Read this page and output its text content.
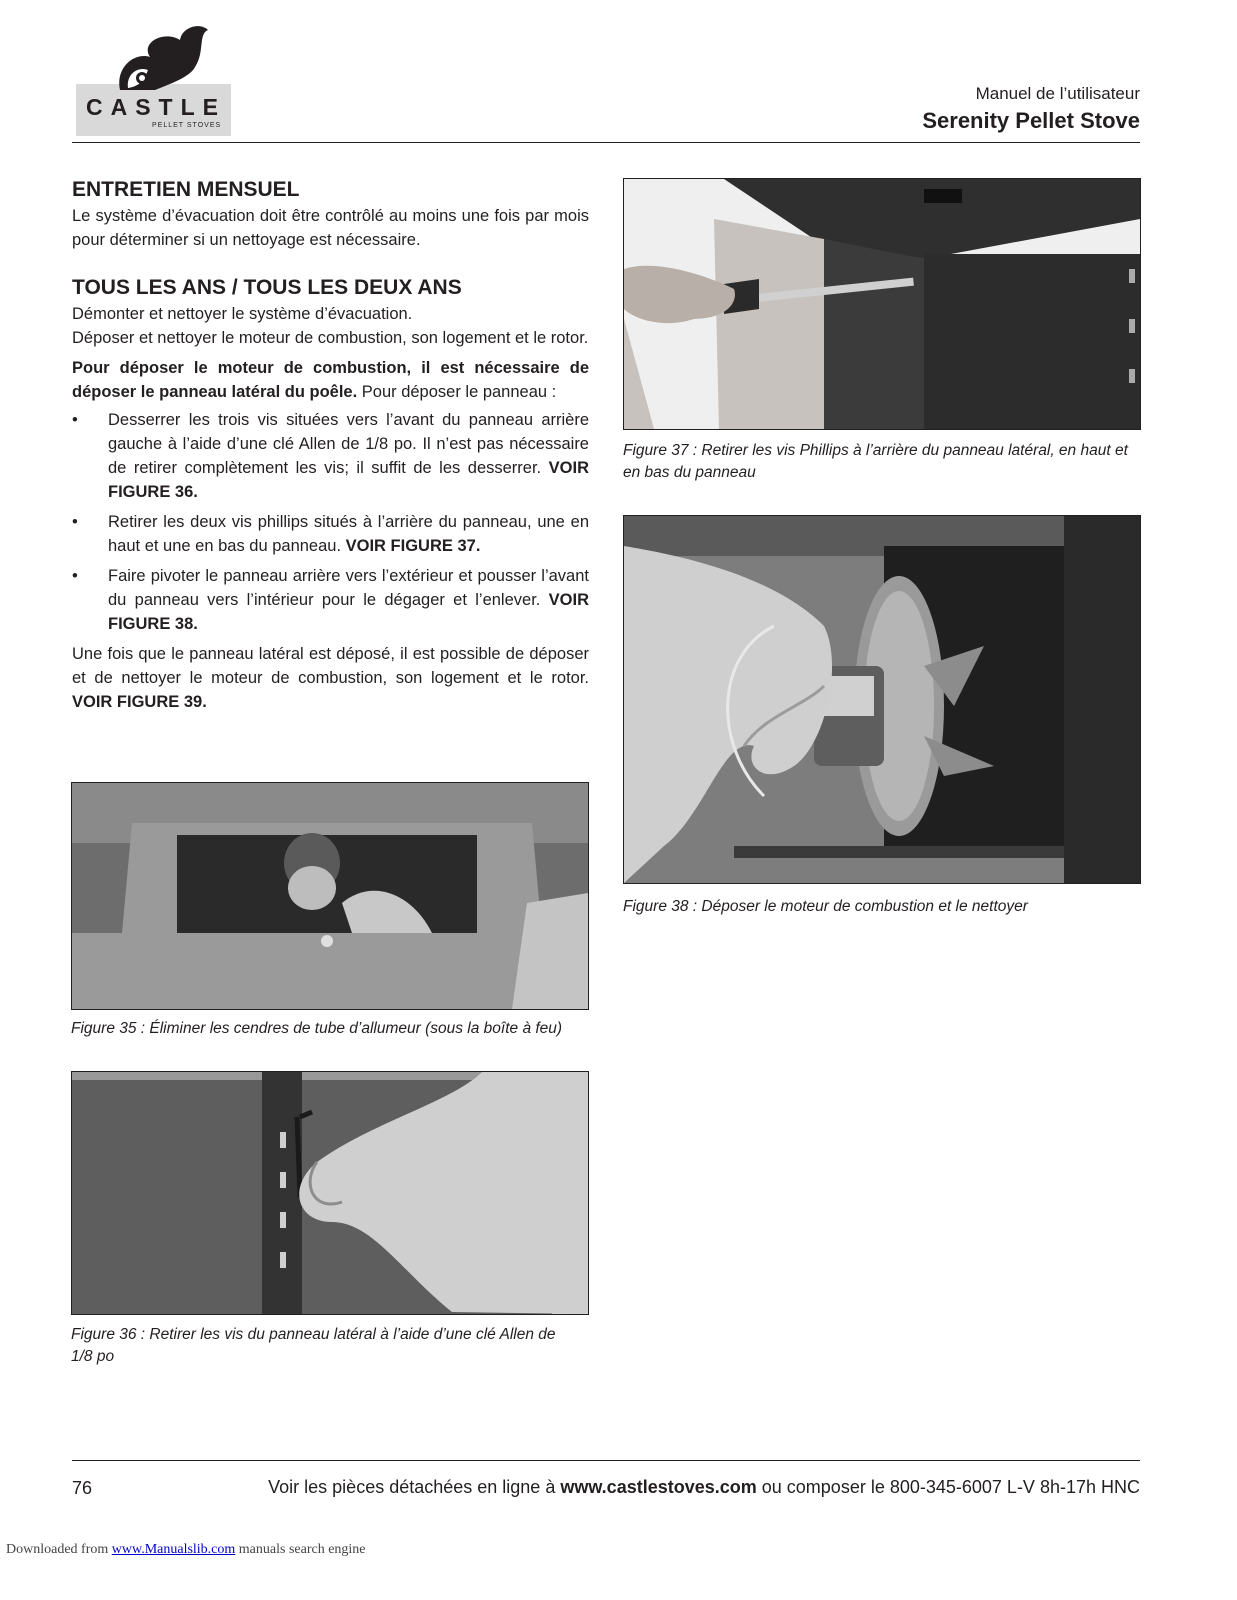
CASTLE
PELLET STOVES
Manuel de l’utilisateur
Serenity Pellet Stove
ENTRETIEN MENSUEL

Le système d’évacuation doit être contrôlé au moins une fois par mois pour déterminer si un nettoyage est nécessaire.

TOUS LES ANS / TOUS LES DEUX ANS

Démonter et nettoyer le système d’évacuation.

Déposer et nettoyer le moteur de combustion, son logement et le rotor.

Pour déposer le moteur de combustion, il est nécessaire de déposer le panneau latéral du poêle. Pour déposer le panneau :

• Desserrer les trois vis situées vers l’avant du panneau arrière gauche à l’aide d’une clé Allen de 1/8 po. Il n’est pas nécessaire de retirer complètement les vis; il suffit de les desserrer. VOIR FIGURE 36.
• Retirer les deux vis phillips situés à l’arrière du panneau, une en haut et une en bas du panneau. VOIR FIGURE 37.
• Faire pivoter le panneau arrière vers l’extérieur et pousser l’avant du panneau vers l’intérieur pour le dégager et l’enlever. VOIR FIGURE 38.

Une fois que le panneau latéral est déposé, il est possible de déposer et de nettoyer le moteur de combustion, son logement et le rotor. VOIR FIGURE 39.

Figure 35 : Éliminer les cendres de tube d’allumeur (sous la boîte à feu)
Figure 36 : Retirer les vis du panneau latéral à l’aide d’une clé Allen de 1/8 po
Figure 37 : Retirer les vis Phillips à l’arrière du panneau latéral, en haut et en bas du panneau
Figure 38 : Déposer le moteur de combustion et le nettoyer
76	Voir les pièces détachées en ligne à www.castlestoves.com ou composer le 800-345-6007 L-V 8h-17h HNC
Downloaded from www.Manualslib.com manuals search engine
